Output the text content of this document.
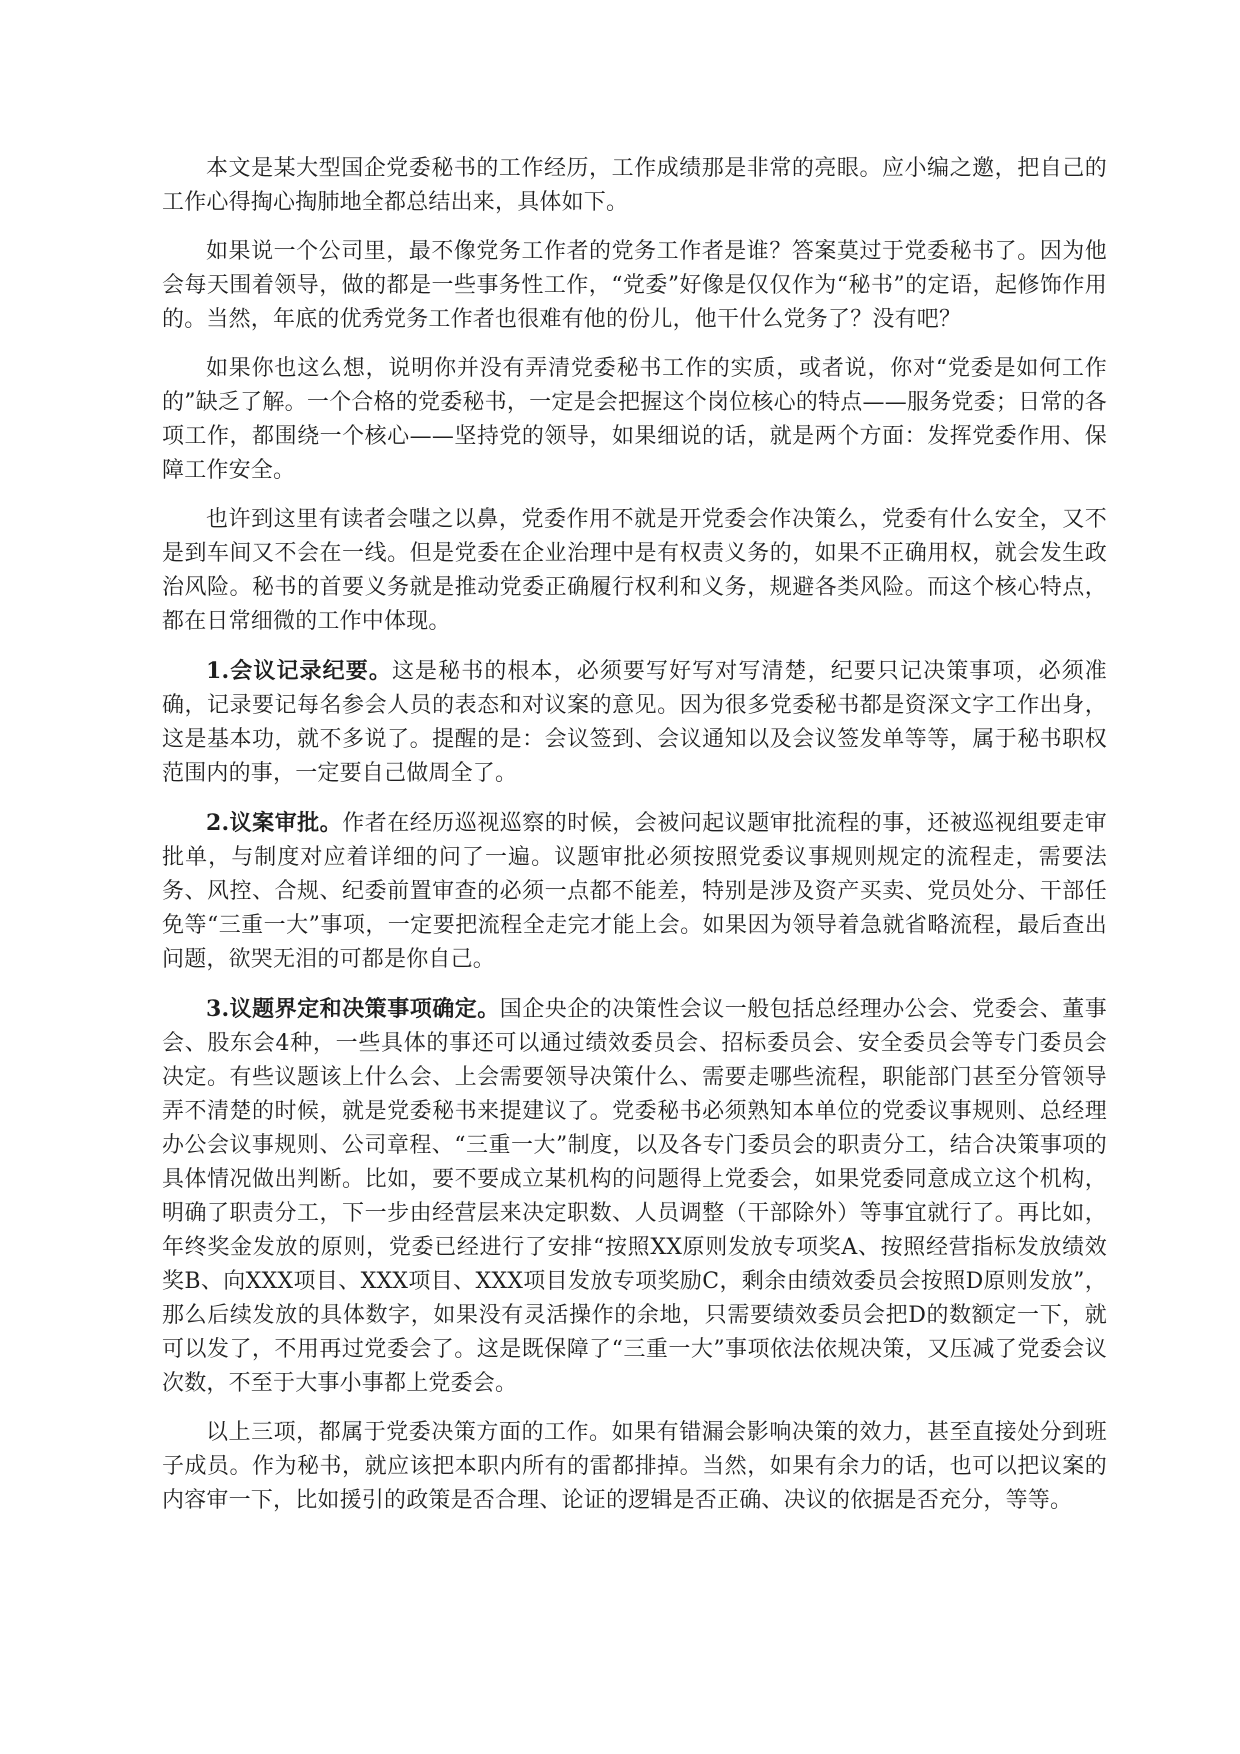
本文是某大型国企党委秘书的工作经历，工作成绩那是非常的亮眼。应小编之邀，把自己的工作心得掏心掏肺地全都总结出来，具体如下。

如果说一个公司里，最不像党务工作者的党务工作者是谁？答案莫过于党委秘书了。因为他会每天围着领导，做的都是一些事务性工作，“党委”好像是仅仅作为“秘书”的定语，起修饰作用的。当然，年底的优秀党务工作者也很难有他的份儿，他干什么党务了？没有吧？

如果你也这么想，说明你并没有弄清党委秘书工作的实质，或者说，你对“党委是如何工作的”缺乏了解。一个合格的党委秘书，一定是会把握这个岗位核心的特点——服务党委；日常的各项工作，都围绕一个核心——坚持党的领导，如果细说的话，就是两个方面：发挥党委作用、保障工作安全。

也许到这里有读者会嗤之以鼻，党委作用不就是开党委会作决策么，党委有什么安全，又不是到车间又不会在一线。但是党委在企业治理中是有权责义务的，如果不正确用权，就会发生政治风险。秘书的首要义务就是推动党委正确履行权利和义务，规避各类风险。而这个核心特点，都在日常细微的工作中体现。

1.会议记录纪要。这是秘书的根本，必须要写好写对写清楚，纪要只记决策事项，必须准确，记录要记每名参会人员的表态和对议案的意见。因为很多党委秘书都是资深文字工作出身，这是基本功，就不多说了。提醒的是：会议签到、会议通知以及会议签发单等等，属于秘书职权范围内的事，一定要自己做周全了。

2.议案审批。作者在经历巡视巡察的时候，会被问起议题审批流程的事，还被巡视组要走审批单，与制度对应着详细的问了一遍。议题审批必须按照党委议事规则规定的流程走，需要法务、风控、合规、纪委前置审查的必须一点都不能差，特别是涉及资产买卖、党员处分、干部任免等“三重一大”事项，一定要把流程全走完才能上会。如果因为领导着急就省略流程，最后查出问题，欲哭无泪的可都是你自己。

3.议题界定和决策事项确定。国企央企的决策性会议一般包括总经理办公会、党委会、董事会、股东会4种，一些具体的事还可以通过绩效委员会、招标委员会、安全委员会等专门委员会决定。有些议题该上什么会、上会需要领导决策什么、需要走哪些流程，职能部门甚至分管领导弄不清楚的时候，就是党委秘书来提建议了。党委秘书必须熟知本单位的党委议事规则、总经理办公会议事规则、公司章程、“三重一大”制度，以及各专门委员会的职责分工，结合决策事项的具体情况做出判断。比如，要不要成立某机构的问题得上党委会，如果党委同意成立这个机构，明确了职责分工，下一步由经营层来决定职数、人员调整（干部除外）等事宜就行了。再比如，年终奖金发放的原则，党委已经进行了安排“按照XX原则发放专项奖A、按照经营指标发放绩效奖B、向XXX项目、XXX项目、XXX项目发放专项奖励C，剩余由绩效委员会按照D原则发放”，那么后续发放的具体数字，如果没有灵活操作的余地，只需要绩效委员会把D的数额定一下，就可以发了，不用再过党委会了。这是既保障了“三重一大”事项依法依规决策，又压减了党委会议次数，不至于大事小事都上党委会。

以上三项，都属于党委决策方面的工作。如果有错漏会影响决策的效力，甚至直接处分到班子成员。作为秘书，就应该把本职内所有的雷都排掉。当然，如果有余力的话，也可以把议案的内容审一下，比如援引的政策是否合理、论证的逻辑是否正确、决议的依据是否充分，等等。
